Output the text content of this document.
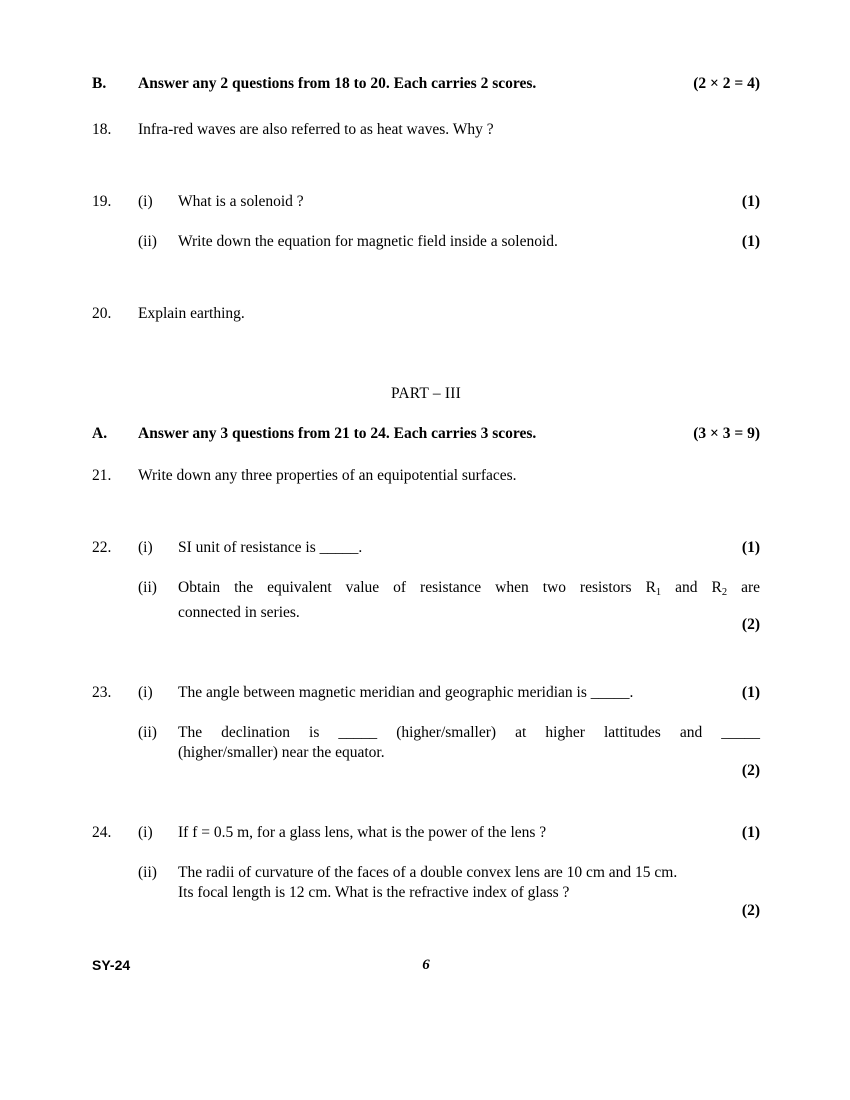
B.	Answer any 2 questions from 18 to 20. Each carries 2 scores.	(2 × 2 = 4)
18.	Infra-red waves are also referred to as heat waves. Why ?
19.	(i)	What is a solenoid ?	(1)
(ii)	Write down the equation for magnetic field inside a solenoid.	(1)
20.	Explain earthing.
PART – III
A.	Answer any 3 questions from 21 to 24. Each carries 3 scores.	(3 × 3 = 9)
21.	Write down any three properties of an equipotential surfaces.
22.	(i)	SI unit of resistance is _____.	(1)
(ii)	Obtain  the  equivalent  value  of  resistance  when  two  resistors  $R_1$  and  $R_2$  are
connected in series.
(2)
23.	(i)	The angle between magnetic meridian and geographic meridian is _____.	(1)
(ii)	The declination is _____ (higher/smaller) at higher lattitudes and _____
(higher/smaller) near the equator.
(2)
24.	(i)	If f = 0.5 m, for a glass lens, what is the power of the lens ?	(1)
(ii)	The radii of curvature of the faces of a double convex lens are 10 cm and 15 cm.
Its focal length is 12 cm. What is the refractive index of glass ?
(2)
SY-24	6
